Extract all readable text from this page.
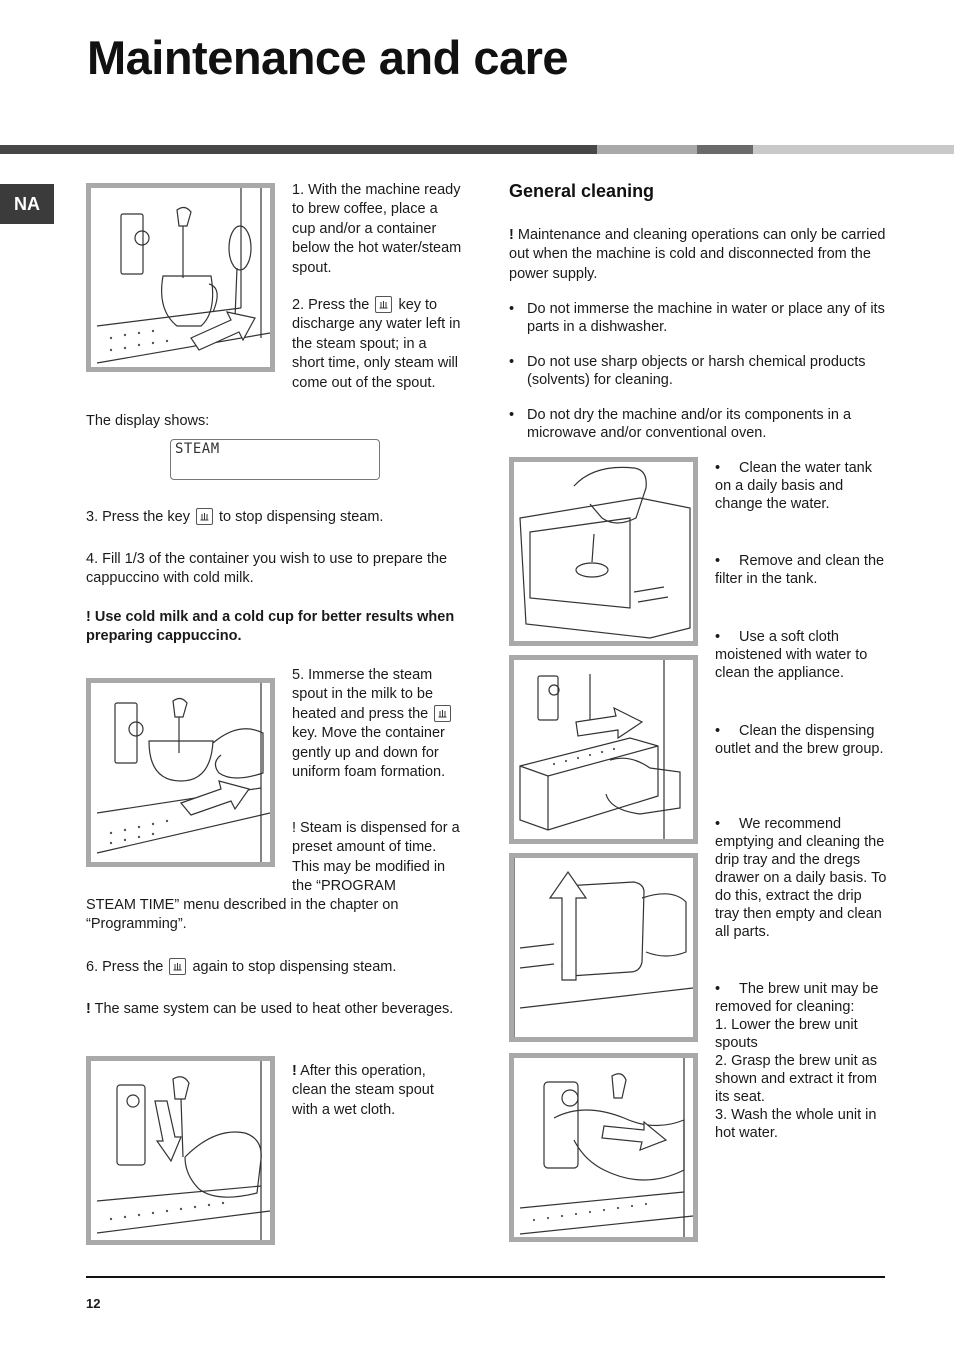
Maintenance and care
NA
1. With the machine ready to brew coffee, place a cup and/or a container below the hot water/steam spout.
2. Press the key to discharge any water left in the steam spout; in a short time, only steam will come out of the spout.
The display shows:
STEAM
3. Press the key to stop dispensing steam.
4. Fill 1/3 of the container you wish to use to prepare the cappuccino with cold milk.
! Use cold milk and a cold cup for better results when preparing cappuccino.
5. Immerse the steam spout in the milk to be heated and press the
key. Move the container gently up and down for uniform foam formation.
! Steam is dispensed for a preset amount of time. This may be modified in the “PROGRAM
STEAM TIME” menu described in the chapter on “Programming”.
6. Press the again to stop dispensing steam.
! The same system can be used to heat other beverages.
! After this operation, clean the steam spout with a wet cloth.
General cleaning
! Maintenance and cleaning operations can only be carried out when the machine is cold and disconnected from the power supply.
• Do not immerse the machine in water or place any of its parts in a dishwasher.
• Do not use sharp objects or harsh chemical products (solvents) for cleaning.
• Do not dry the machine and/or its components in a microwave and/or conventional oven.
•	Clean the water tank on a daily basis and change the water.
•	Remove and clean the filter in the tank.
•	Use a soft cloth moistened with water to clean the appliance.
•	Clean the dispensing outlet and the brew group.
•	We recommend emptying and cleaning the drip tray and the dregs drawer on a daily basis. To do this, extract the drip tray then empty and clean all parts.
•	The brew unit may be removed for cleaning:
1. Lower the brew unit spouts
2. Grasp the brew unit as shown and extract it from its seat.
3. Wash the whole unit in hot water.
12
